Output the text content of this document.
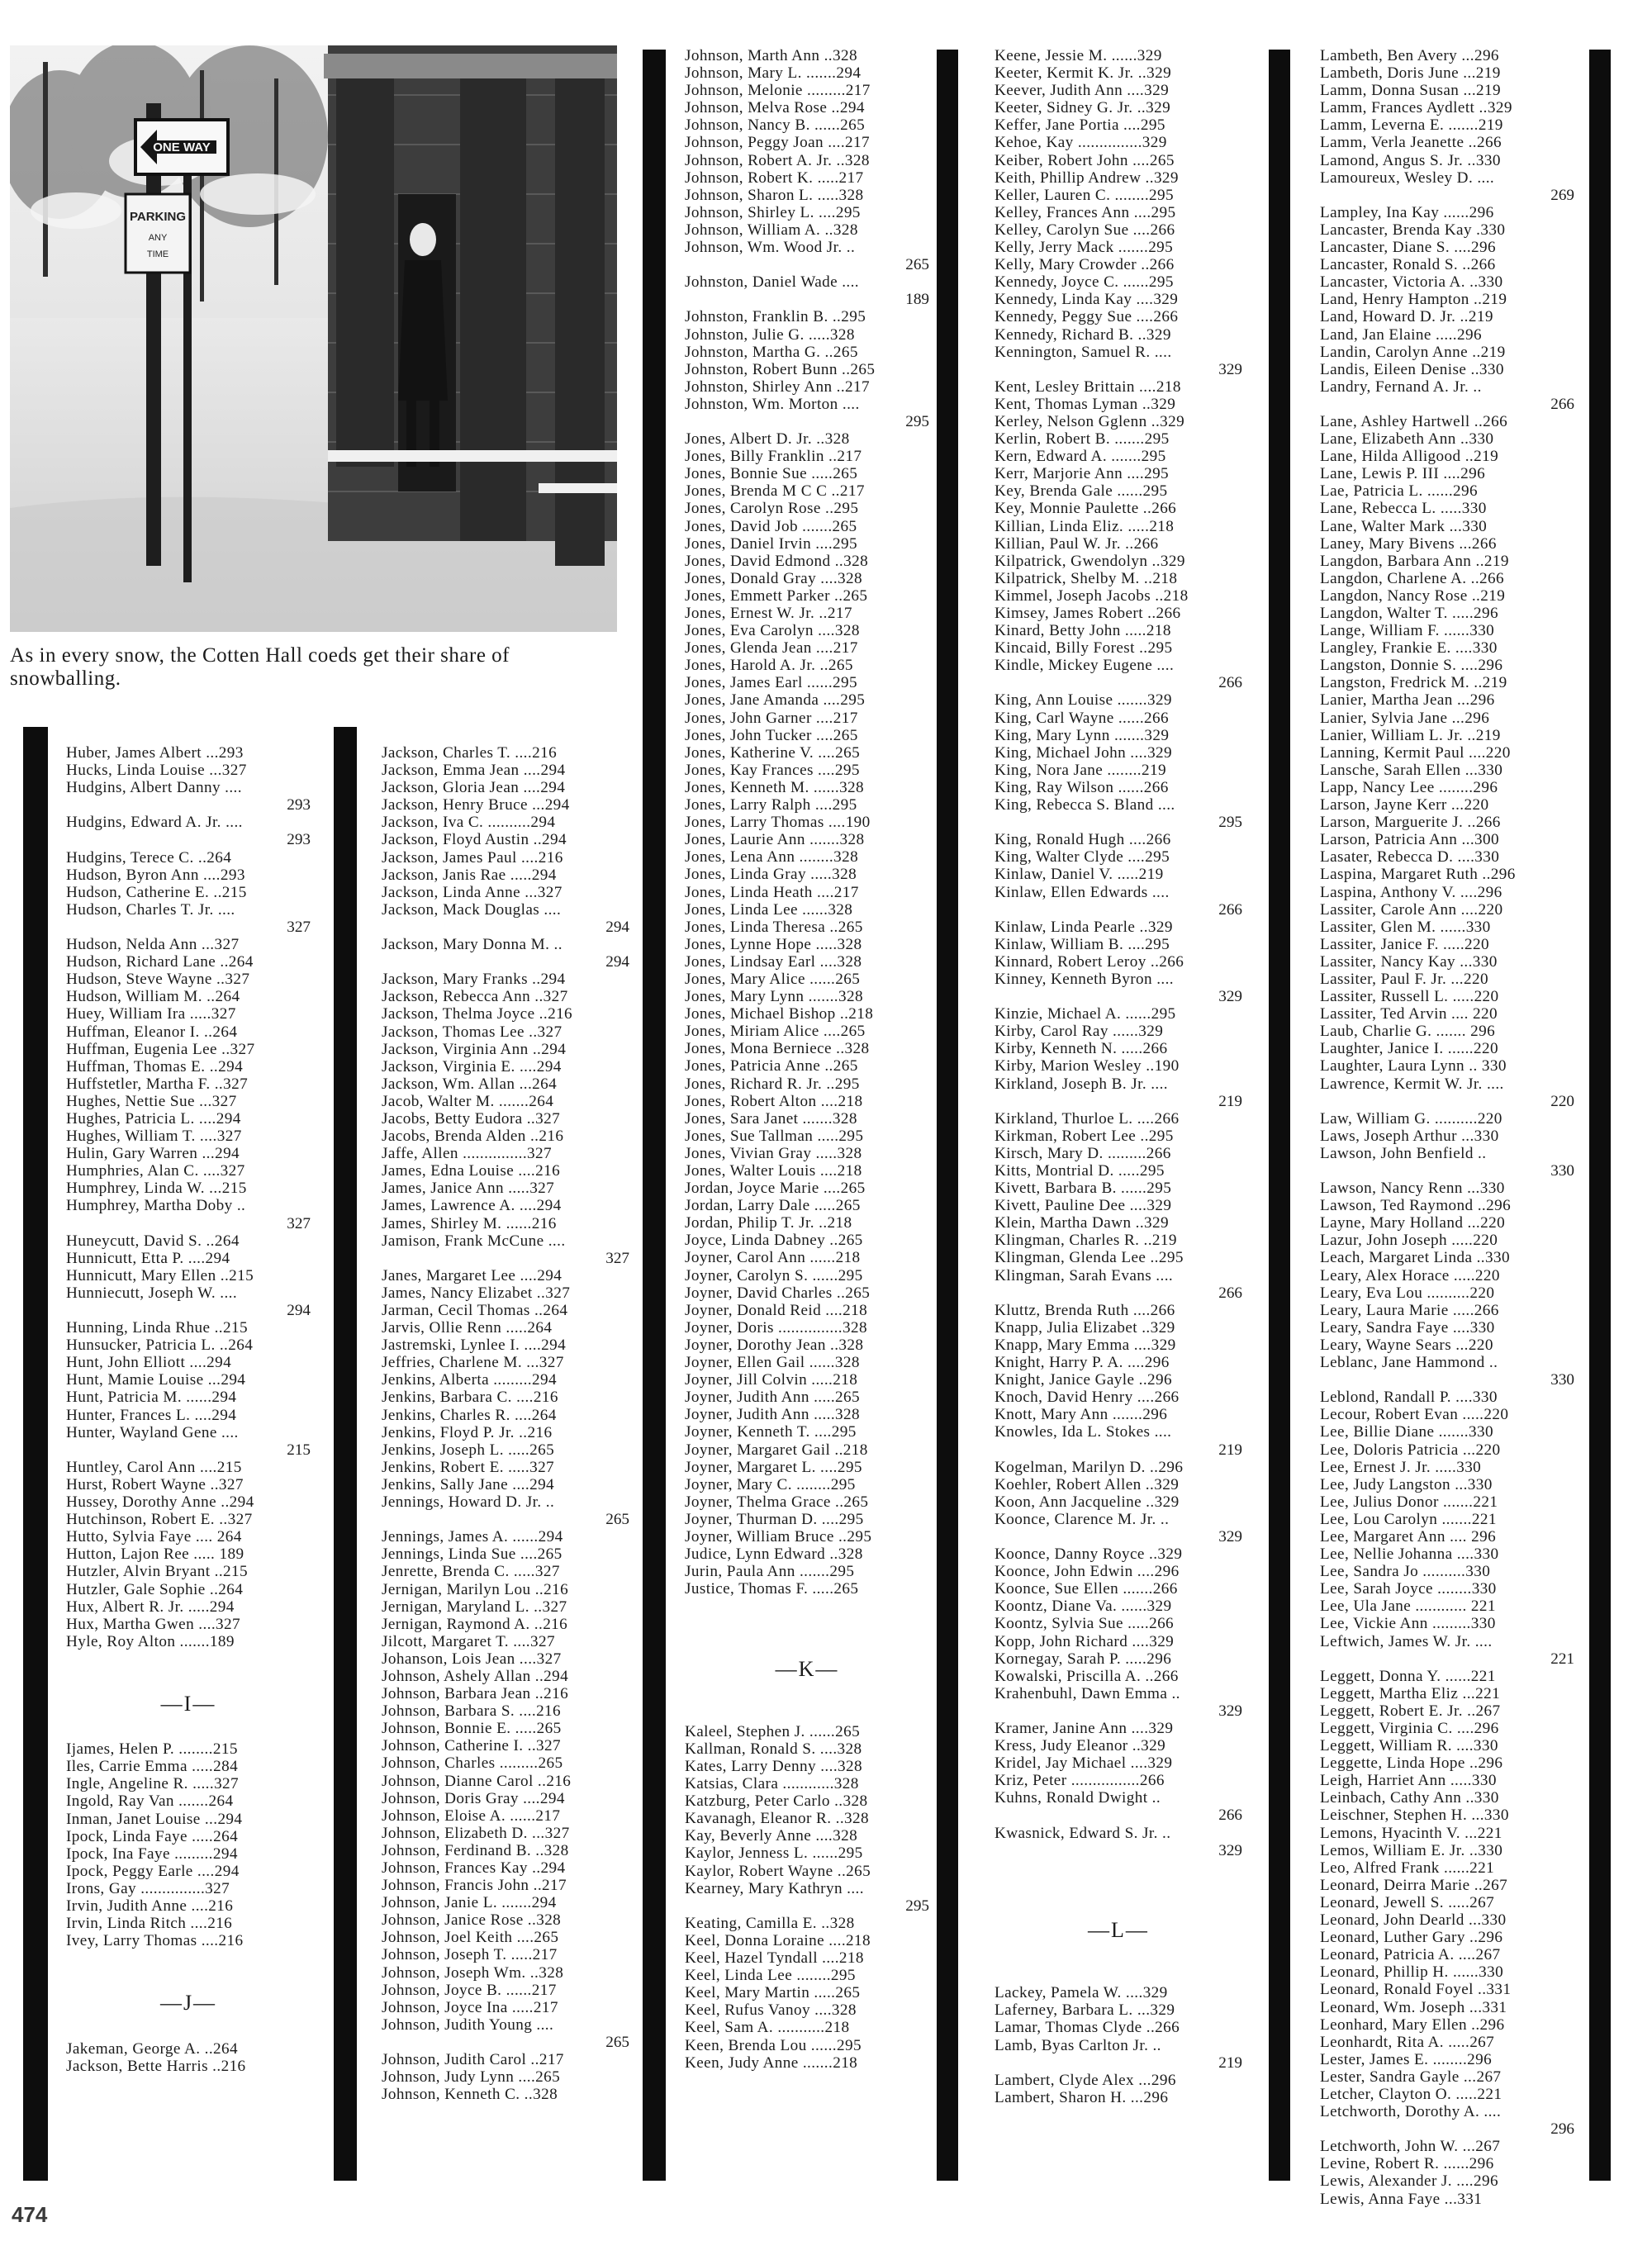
ONE WAY
PARKING
ANY
TIME
As in every snow, the Cotten Hall coeds get their share of snowballing.
Huber, James Albert ...293
Hucks, Linda Louise ...327
Hudgins, Albert Danny ....
293
Hudgins, Edward A. Jr. ....
293
Hudgins, Terece C. ..264
Hudson, Byron Ann ....293
Hudson, Catherine E. ..215
Hudson, Charles T. Jr. ....
327
Hudson, Nelda Ann ...327
Hudson, Richard Lane ..264
Hudson, Steve Wayne ..327
Hudson, William M. ..264
Huey, William Ira .....327
Huffman, Eleanor I. ..264
Huffman, Eugenia Lee ..327
Huffman, Thomas E. ..294
Huffstetler, Martha F. ..327
Hughes, Nettie Sue ...327
Hughes, Patricia L. ....294
Hughes, William T. ....327
Hulin, Gary Warren ...294
Humphries, Alan C. ....327
Humphrey, Linda W. ...215
Humphrey, Martha Doby ..
327
Huneycutt, David S. ..264
Hunnicutt, Etta P. ....294
Hunnicutt, Mary Ellen ..215
Hunniecutt, Joseph W. ....
294
Hunning, Linda Rhue ..215
Hunsucker, Patricia L. ..264
Hunt, John Elliott ....294
Hunt, Mamie Louise ...294
Hunt, Patricia M. ......294
Hunter, Frances L. ....294
Hunter, Wayland Gene ....
215
Huntley, Carol Ann ....215
Hurst, Robert Wayne ..327
Hussey, Dorothy Anne ..294
Hutchinson, Robert E. ..327
Hutto, Sylvia Faye .... 264
Hutton, Lajon Ree ..... 189
Hutzler, Alvin Bryant ..215
Hutzler, Gale Sophie ..264
Hux, Albert R. Jr. .....294
Hux, Martha Gwen ....327
Hyle, Roy Alton .......189
—I—
Ijames, Helen P. ........215
Iles, Carrie Emma .....284
Ingle, Angeline R. .....327
Ingold, Ray Van .......264
Inman, Janet Louise ...294
Ipock, Linda Faye .....264
Ipock, Ina Faye .........294
Ipock, Peggy Earle ....294
Irons, Gay ...............327
Irvin, Judith Anne ....216
Irvin, Linda Ritch ....216
Ivey, Larry Thomas ....216
—J—
Jakeman, George A. ..264
Jackson, Bette Harris ..216
Jackson, Charles T. ....216
Jackson, Emma Jean ....294
Jackson, Gloria Jean ....294
Jackson, Henry Bruce ...294
Jackson, Iva C. ..........294
Jackson, Floyd Austin ..294
Jackson, James Paul ....216
Jackson, Janis Rae .....294
Jackson, Linda Anne ...327
Jackson, Mack Douglas ....
294
Jackson, Mary Donna M. ..
294
Jackson, Mary Franks ..294
Jackson, Rebecca Ann ..327
Jackson, Thelma Joyce ..216
Jackson, Thomas Lee ..327
Jackson, Virginia Ann ..294
Jackson, Virginia E. ....294
Jackson, Wm. Allan ...264
Jacob, Walter M. .......264
Jacobs, Betty Eudora ..327
Jacobs, Brenda Alden ..216
Jaffe, Allen ...............327
James, Edna Louise ....216
James, Janice Ann .....327
James, Lawrence A. ....294
James, Shirley M. ......216
Jamison, Frank McCune ....
327
Janes, Margaret Lee ....294
James, Nancy Elizabet ..327
Jarman, Cecil Thomas ..264
Jarvis, Ollie Renn .....264
Jastremski, Lynlee I. ....294
Jeffries, Charlene M. ...327
Jenkins, Alberta .........294
Jenkins, Barbara C. ....216
Jenkins, Charles R. ....264
Jenkins, Floyd P. Jr. ..216
Jenkins, Joseph L. .....265
Jenkins, Robert E. .....327
Jenkins, Sally Jane ....294
Jennings, Howard D. Jr. ..
265
Jennings, James A. ......294
Jennings, Linda Sue ....265
Jenrette, Brenda C. .....327
Jernigan, Marilyn Lou ..216
Jernigan, Maryland L. ..327
Jernigan, Raymond A. ..216
Jilcott, Margaret T. ....327
Johanson, Lois Jean ....327
Johnson, Ashely Allan ..294
Johnson, Barbara Jean ..216
Johnson, Barbara S. ....216
Johnson, Bonnie E. .....265
Johnson, Catherine I. ..327
Johnson, Charles .........265
Johnson, Dianne Carol ..216
Johnson, Doris Gray ....294
Johnson, Eloise A. ......217
Johnson, Elizabeth D. ...327
Johnson, Ferdinand B. ..328
Johnson, Frances Kay ..294
Johnson, Francis John ..217
Johnson, Janie L. .......294
Johnson, Janice Rose ..328
Johnson, Joel Keith ....265
Johnson, Joseph T. .....217
Johnson, Joseph Wm. ..328
Johnson, Joyce B. ......217
Johnson, Joyce Ina .....217
Johnson, Judith Young ....
265
Johnson, Judith Carol ..217
Johnson, Judy Lynn ....265
Johnson, Kenneth C. ..328
Johnson, Marth Ann ..328
Johnson, Mary L. .......294
Johnson, Melonie .........217
Johnson, Melva Rose ..294
Johnson, Nancy B. ......265
Johnson, Peggy Joan ....217
Johnson, Robert A. Jr. ..328
Johnson, Robert K. .....217
Johnson, Sharon L. .....328
Johnson, Shirley L. ....295
Johnson, William A. ..328
Johnson, Wm. Wood Jr. ..
265
Johnston, Daniel Wade ....
189
Johnston, Franklin B. ..295
Johnston, Julie G. .....328
Johnston, Martha G. ..265
Johnston, Robert Bunn ..265
Johnston, Shirley Ann ..217
Johnston, Wm. Morton ....
295
Jones, Albert D. Jr. ..328
Jones, Billy Franklin ..217
Jones, Bonnie Sue .....265
Jones, Brenda M C C ..217
Jones, Carolyn Rose ..295
Jones, David Job .......265
Jones, Daniel Irvin ....295
Jones, David Edmond ..328
Jones, Donald Gray ....328
Jones, Emmett Parker ..265
Jones, Ernest W. Jr. ..217
Jones, Eva Carolyn ....328
Jones, Glenda Jean ....217
Jones, Harold A. Jr. ..265
Jones, James Earl ......295
Jones, Jane Amanda ....295
Jones, John Garner ....217
Jones, John Tucker ....265
Jones, Katherine V. ....265
Jones, Kay Frances ....295
Jones, Kenneth M. ......328
Jones, Larry Ralph ....295
Jones, Larry Thomas ....190
Jones, Laurie Ann .......328
Jones, Lena Ann ........328
Jones, Linda Gray .....328
Jones, Linda Heath ....217
Jones, Linda Lee ......328
Jones, Linda Theresa ..265
Jones, Lynne Hope .....328
Jones, Lindsay Earl ....328
Jones, Mary Alice ......265
Jones, Mary Lynn .......328
Jones, Michael Bishop ..218
Jones, Miriam Alice ....265
Jones, Mona Berniece ..328
Jones, Patricia Anne ..265
Jones, Richard R. Jr. ..295
Jones, Robert Alton ....218
Jones, Sara Janet .......328
Jones, Sue Tallman .....295
Jones, Vivian Gray .....328
Jones, Walter Louis ....218
Jordan, Joyce Marie ....265
Jordan, Larry Dale .....265
Jordan, Philip T. Jr. ..218
Joyce, Linda Dabney ..265
Joyner, Carol Ann ......218
Joyner, Carolyn S. ......295
Joyner, David Charles ..265
Joyner, Donald Reid ....218
Joyner, Doris ...............328
Joyner, Dorothy Jean ..328
Joyner, Ellen Gail ......328
Joyner, Jill Colvin .....218
Joyner, Judith Ann .....265
Joyner, Judith Ann .....328
Joyner, Kenneth T. ....295
Joyner, Margaret Gail ..218
Joyner, Margaret L. ....295
Joyner, Mary C. ........295
Joyner, Thelma Grace ..265
Joyner, Thurman D. ....295
Joyner, William Bruce ..295
Judice, Lynn Edward ..328
Jurin, Paula Ann .......295
Justice, Thomas F. .....265
—K—
Kaleel, Stephen J. ......265
Kallman, Ronald S. ....328
Kates, Larry Denny ....328
Katsias, Clara ............328
Katzburg, Peter Carlo ..328
Kavanagh, Eleanor R. ..328
Kay, Beverly Anne ....328
Kaylor, Jenness L. ......295
Kaylor, Robert Wayne ..265
Kearney, Mary Kathryn ....
295
Keating, Camilla E. ..328
Keel, Donna Loraine ....218
Keel, Hazel Tyndall ....218
Keel, Linda Lee ........295
Keel, Mary Martin .....265
Keel, Rufus Vanoy ....328
Keel, Sam A. ...........218
Keen, Brenda Lou ......295
Keen, Judy Anne .......218
Keene, Jessie M. ......329
Keeter, Kermit K. Jr. ..329
Keever, Judith Ann ....329
Keeter, Sidney G. Jr. ..329
Keffer, Jane Portia ....295
Kehoe, Kay ...............329
Keiber, Robert John ....265
Keith, Phillip Andrew ..329
Keller, Lauren C. ........295
Kelley, Frances Ann ....295
Kelley, Carolyn Sue ....266
Kelly, Jerry Mack .......295
Kelly, Mary Crowder ..266
Kennedy, Joyce C. ......295
Kennedy, Linda Kay ....329
Kennedy, Peggy Sue ....266
Kennedy, Richard B. ..329
Kennington, Samuel R. ....
329
Kent, Lesley Brittain ....218
Kent, Thomas Lyman ..329
Kerley, Nelson Gglenn ..329
Kerlin, Robert B. .......295
Kern, Edward A. .......295
Kerr, Marjorie Ann ....295
Key, Brenda Gale ......295
Key, Monnie Paulette ..266
Killian, Linda Eliz. .....218
Killian, Paul W. Jr. ..266
Kilpatrick, Gwendolyn ..329
Kilpatrick, Shelby M. ..218
Kimmel, Joseph Jacobs ..218
Kimsey, James Robert ..266
Kinard, Betty John .....218
Kincaid, Billy Forest ..295
Kindle, Mickey Eugene ....
266
King, Ann Louise .......329
King, Carl Wayne ......266
King, Mary Lynn .......329
King, Michael John ....329
King, Nora Jane ........219
King, Ray Wilson ......266
King, Rebecca S. Bland ....
295
King, Ronald Hugh ....266
King, Walter Clyde ....295
Kinlaw, Daniel V. .....219
Kinlaw, Ellen Edwards ....
266
Kinlaw, Linda Pearle ..329
Kinlaw, William B. ....295
Kinnard, Robert Leroy ..266
Kinney, Kenneth Byron ....
329
Kinzie, Michael A. ......295
Kirby, Carol Ray ......329
Kirby, Kenneth N. .....266
Kirby, Marion Wesley ..190
Kirkland, Joseph B. Jr. ....
219
Kirkland, Thurloe L. ....266
Kirkman, Robert Lee ..295
Kirsch, Mary D. .........266
Kitts, Montrial D. .....295
Kivett, Barbara B. ......295
Kivett, Pauline Dee ....329
Klein, Martha Dawn ..329
Klingman, Charles R. ..219
Klingman, Glenda Lee ..295
Klingman, Sarah Evans ....
266
Kluttz, Brenda Ruth ....266
Knapp, Julia Elizabet ..329
Knapp, Mary Emma ....329
Knight, Harry P. A. ....296
Knight, Janice Gayle ..296
Knoch, David Henry ....266
Knott, Mary Ann .......296
Knowles, Ida L. Stokes ....
219
Kogelman, Marilyn D. ..296
Koehler, Robert Allen ..329
Koon, Ann Jacqueline ..329
Koonce, Clarence M. Jr. ..
329
Koonce, Danny Royce ..329
Koonce, John Edwin ....296
Koonce, Sue Ellen .......266
Koontz, Diane Va. ......329
Koontz, Sylvia Sue .....266
Kopp, John Richard ....329
Kornegay, Sarah P. .....296
Kowalski, Priscilla A. ..266
Krahenbuhl, Dawn Emma ..
329
Kramer, Janine Ann ....329
Kress, Judy Eleanor ..329
Kridel, Jay Michael ....329
Kriz, Peter ................266
Kuhns, Ronald Dwight ..
266
Kwasnick, Edward S. Jr. ..
329
—L—
Lackey, Pamela W. ....329
Laferney, Barbara L. ...329
Lamar, Thomas Clyde ..266
Lamb, Byas Carlton Jr. ..
219
Lambert, Clyde Alex ...296
Lambert, Sharon H. ...296
Lambeth, Ben Avery ...296
Lambeth, Doris June ...219
Lamm, Donna Susan ...219
Lamm, Frances Aydlett ..329
Lamm, Leverna E. .......219
Lamm, Verla Jeanette ..266
Lamond, Angus S. Jr. ..330
Lamoureux, Wesley D. ....
269
Lampley, Ina Kay ......296
Lancaster, Brenda Kay .330
Lancaster, Diane S. ....296
Lancaster, Ronald S. ..266
Lancaster, Victoria A. ..330
Land, Henry Hampton ..219
Land, Howard D. Jr. ..219
Land, Jan Elaine .....296
Landin, Carolyn Anne ..219
Landis, Eileen Denise ..330
Landry, Fernand A. Jr. ..
266
Lane, Ashley Hartwell ..266
Lane, Elizabeth Ann ..330
Lane, Hilda Alligood ..219
Lane, Lewis P. III ....296
Lae, Patricia L. ......296
Lane, Rebecca L. .....330
Lane, Walter Mark ...330
Laney, Mary Bivens ...266
Langdon, Barbara Ann ..219
Langdon, Charlene A. ..266
Langdon, Nancy Rose ..219
Langdon, Walter T. .....296
Lange, William F. ......330
Langley, Frankie E. ....330
Langston, Donnie S. ....296
Langston, Fredrick M. ..219
Lanier, Martha Jean ...296
Lanier, Sylvia Jane ...296
Lanier, William L. Jr. ..219
Lanning, Kermit Paul ....220
Lansche, Sarah Ellen ...330
Lapp, Nancy Lee ........296
Larson, Jayne Kerr ...220
Larson, Marguerite J. ..266
Larson, Patricia Ann ...300
Lasater, Rebecca D. ....330
Laspina, Margaret Ruth ..296
Laspina, Anthony V. ....296
Lassiter, Carole Ann ....220
Lassiter, Glen M. ......330
Lassiter, Janice F. .....220
Lassiter, Nancy Kay ...330
Lassiter, Paul F. Jr. ...220
Lassiter, Russell L. .....220
Lassiter, Ted Arvin .... 220
Laub, Charlie G. ....... 296
Laughter, Janice I. ......220
Laughter, Laura Lynn .. 330
Lawrence, Kermit W. Jr. ....
220
Law, William G. ..........220
Laws, Joseph Arthur ...330
Lawson, John Benfield ..
330
Lawson, Nancy Renn ...330
Lawson, Ted Raymond ..296
Layne, Mary Holland ...220
Lazur, John Joseph .....220
Leach, Margaret Linda ..330
Leary, Alex Horace .....220
Leary, Eva Lou ..........220
Leary, Laura Marie .....266
Leary, Sandra Faye ....330
Leary, Wayne Sears ...220
Leblanc, Jane Hammond ..
330
Leblond, Randall P. ....330
Lecour, Robert Evan .....220
Lee, Billie Diane .......330
Lee, Doloris Patricia ...220
Lee, Ernest J. Jr. .....330
Lee, Judy Langston ...330
Lee, Julius Donor .......221
Lee, Lou Carolyn .......221
Lee, Margaret Ann .... 296
Lee, Nellie Johanna ....330
Lee, Sandra Jo ..........330
Lee, Sarah Joyce ........330
Lee, Ula Jane ............ 221
Lee, Vickie Ann .........330
Leftwich, James W. Jr. ....
221
Leggett, Donna Y. ......221
Leggett, Martha Eliz ...221
Leggett, Robert E. Jr. ..267
Leggett, Virginia C. ....296
Leggett, William R. ....330
Leggette, Linda Hope ..296
Leigh, Harriet Ann .....330
Leinbach, Cathy Ann ..330
Leischner, Stephen H. ...330
Lemons, Hyacinth V. ...221
Lemos, William E. Jr. ..330
Leo, Alfred Frank ......221
Leonard, Deirra Marie ..267
Leonard, Jewell S. .....267
Leonard, John Dearld ...330
Leonard, Luther Gary ..296
Leonard, Patricia A. ....267
Leonard, Phillip H. ......330
Leonard, Ronald Foyel ..331
Leonard, Wm. Joseph ...331
Leonhard, Mary Ellen ..296
Leonhardt, Rita A. .....267
Lester, James E. ........296
Lester, Sandra Gayle ...267
Letcher, Clayton O. .....221
Letchworth, Dorothy A. ....
296
Letchworth, John W. ...267
Levine, Robert R. ......296
Lewis, Alexander J. ....296
Lewis, Anna Faye ...331
474
